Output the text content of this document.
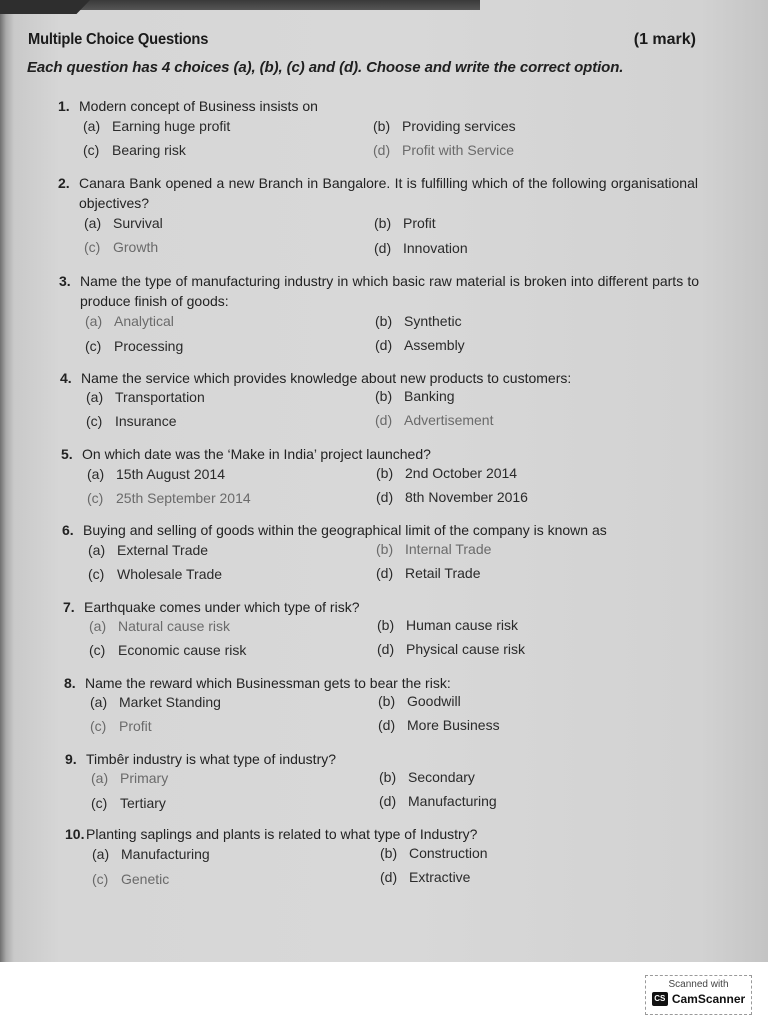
Multiple Choice Questions	(1 mark)
Each question has 4 choices (a), (b), (c) and (d). Choose and write the correct option.
1. Modern concept of Business insists on
(a) Earning huge profit	(b) Providing services
(c) Bearing risk	(d) Profit with Service
2. Canara Bank opened a new Branch in Bangalore. It is fulfilling which of the following organisational objectives?
(a) Survival	(b) Profit
(c) Growth	(d) Innovation
3. Name the type of manufacturing industry in which basic raw material is broken into different parts to produce finish of goods:
(a) Analytical	(b) Synthetic
(c) Processing	(d) Assembly
4. Name the service which provides knowledge about new products to customers:
(a) Transportation	(b) Banking
(c) Insurance	(d) Advertisement
5. On which date was the ‘Make in India’ project launched?
(a) 15th August 2014	(b) 2nd October 2014
(c) 25th September 2014	(d) 8th November 2016
6. Buying and selling of goods within the geographical limit of the company is known as
(a) External Trade	(b) Internal Trade
(c) Wholesale Trade	(d) Retail Trade
7. Earthquake comes under which type of risk?
(a) Natural cause risk	(b) Human cause risk
(c) Economic cause risk	(d) Physical cause risk
8. Name the reward which Businessman gets to bear the risk:
(a) Market Standing	(b) Goodwill
(c) Profit	(d) More Business
9. Timbêr industry is what type of industry?
(a) Primary	(b) Secondary
(c) Tertiary	(d) Manufacturing
10. Planting saplings and plants is related to what type of Industry?
(a) Manufacturing	(b) Construction
(c) Genetic	(d) Extractive
Scanned with
CS CamScanner
